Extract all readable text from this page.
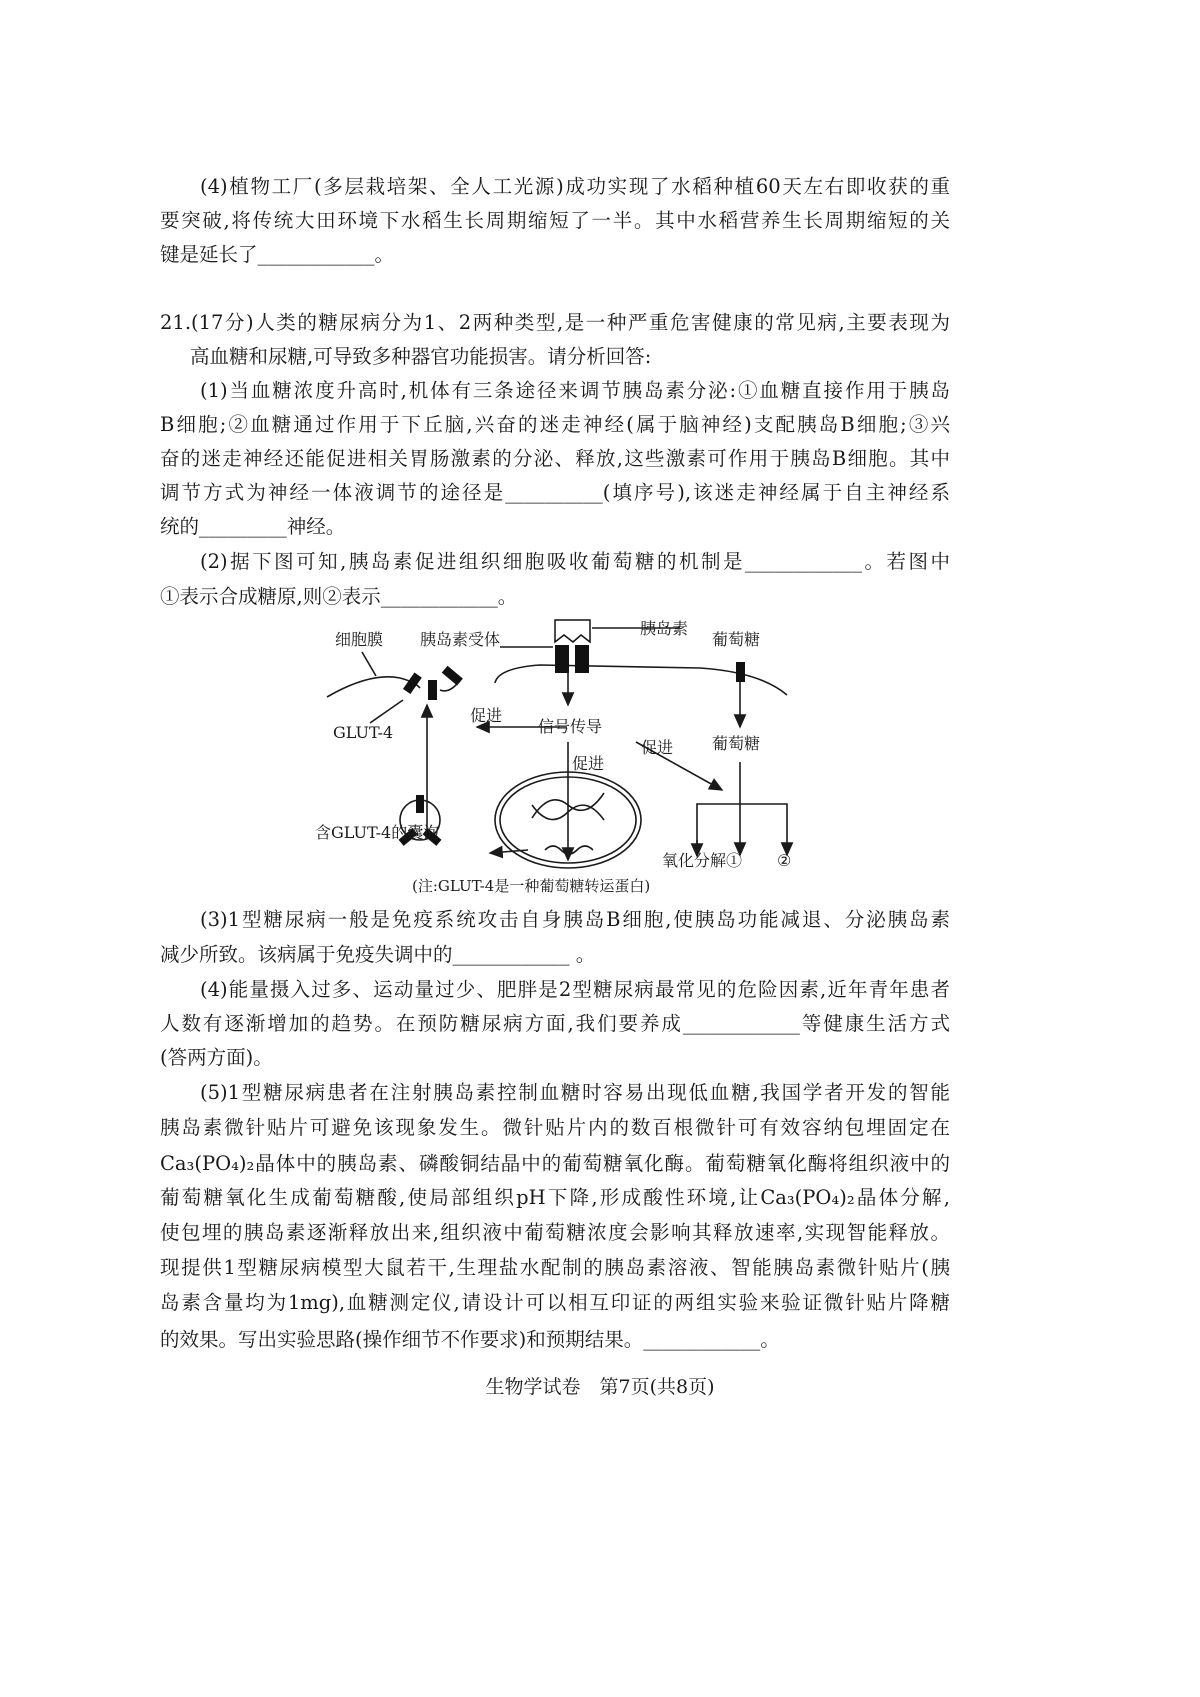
(4)植物工厂(多层栽培架、全人工光源)成功实现了水稻种植60天左右即收获的重
要突破,将传统大田环境下水稻生长周期缩短了一半。其中水稻营养生长周期缩短的关
键是延长了____________。
21.(17分)人类的糖尿病分为1、2两种类型,是一种严重危害健康的常见病,主要表现为
高血糖和尿糖,可导致多种器官功能损害。请分析回答:
(1)当血糖浓度升高时,机体有三条途径来调节胰岛素分泌:①血糖直接作用于胰岛
B细胞;②血糖通过作用于下丘脑,兴奋的迷走神经(属于脑神经)支配胰岛B细胞;③兴
奋的迷走神经还能促进相关胃肠激素的分泌、释放,这些激素可作用于胰岛B细胞。其中
调节方式为神经一体液调节的途径是__________(填序号),该迷走神经属于自主神经系
统的_________神经。
(2)据下图可知,胰岛素促进组织细胞吸收葡萄糖的机制是____________。若图中
①表示合成糖原,则②表示____________。
细胞膜 胰岛素受体
胰岛素
葡萄糖
GLUT-4
促进
信号传导
促进
促进
葡萄糖
含GLUT-4的囊泡
氧化分解① ②
(注:GLUT-4是一种葡萄糖转运蛋白)
(3)1型糖尿病一般是免疫系统攻击自身胰岛B细胞,使胰岛功能减退、分泌胰岛素
减少所致。该病属于免疫失调中的____________ 。
(4)能量摄入过多、运动量过少、肥胖是2型糖尿病最常见的危险因素,近年青年患者
人数有逐渐增加的趋势。在预防糖尿病方面,我们要养成____________等健康生活方式
(答两方面)。
(5)1型糖尿病患者在注射胰岛素控制血糖时容易出现低血糖,我国学者开发的智能
胰岛素微针贴片可避免该现象发生。微针贴片内的数百根微针可有效容纳包埋固定在
Ca₃(PO₄)₂晶体中的胰岛素、磷酸铜结晶中的葡萄糖氧化酶。葡萄糖氧化酶将组织液中的
葡萄糖氧化生成葡萄糖酸,使局部组织pH下降,形成酸性环境,让Ca₃(PO₄)₂晶体分解,
使包埋的胰岛素逐渐释放出来,组织液中葡萄糖浓度会影响其释放速率,实现智能释放。
现提供1型糖尿病模型大鼠若干,生理盐水配制的胰岛素溶液、智能胰岛素微针贴片(胰
岛素含量均为1mg),血糖测定仪,请设计可以相互印证的两组实验来验证微针贴片降糖
的效果。写出实验思路(操作细节不作要求)和预期结果。____________。
生物学试卷　第7页(共8页)
